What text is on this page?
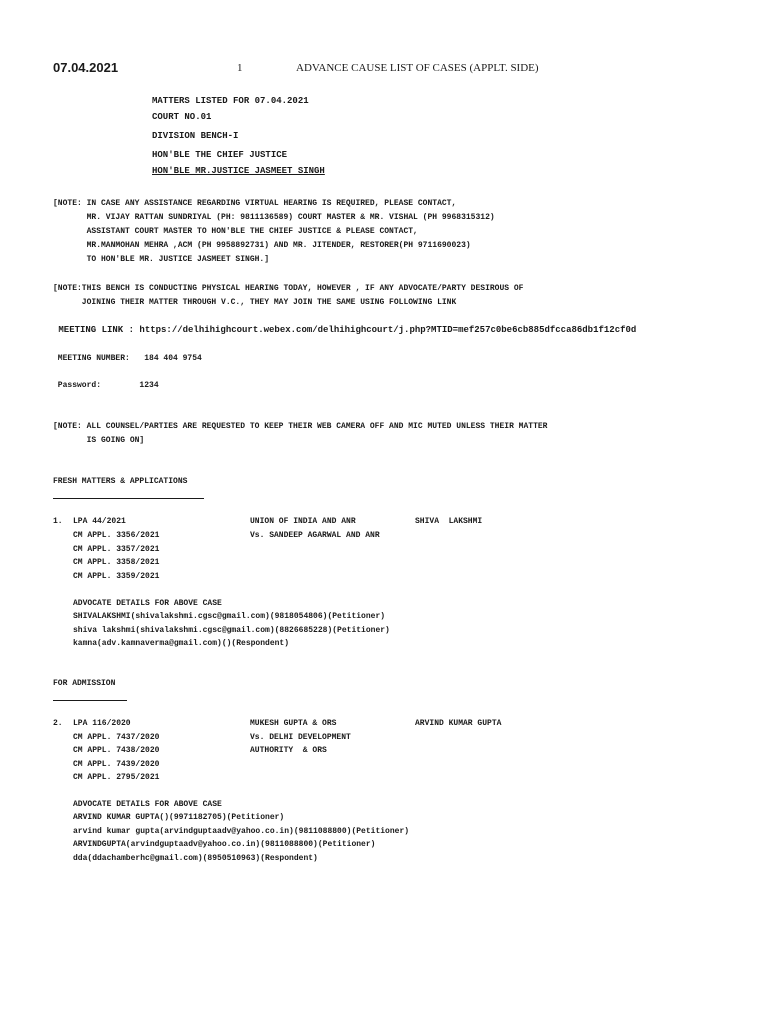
07.04.2021	1	ADVANCE CAUSE LIST OF CASES (APPLT. SIDE)
MATTERS LISTED FOR 07.04.2021
COURT NO.01
DIVISION BENCH-I
HON'BLE THE CHIEF JUSTICE
HON'BLE MR.JUSTICE JASMEET SINGH
[NOTE: IN CASE ANY ASSISTANCE REGARDING VIRTUAL HEARING IS REQUIRED, PLEASE CONTACT,
MR. VIJAY RATTAN SUNDRIYAL (PH: 9811136589) COURT MASTER & MR. VISHAL (PH 9968315312)
ASSISTANT COURT MASTER TO HON'BLE THE CHIEF JUSTICE & PLEASE CONTACT,
MR.MANMOHAN MEHRA ,ACM (PH 9958892731) AND MR. JITENDER, RESTORER(PH 9711690023)
TO HON'BLE MR. JUSTICE JASMEET SINGH.]
[NOTE:THIS BENCH IS CONDUCTING PHYSICAL HEARING TODAY, HOWEVER , IF ANY ADVOCATE/PARTY DESIROUS OF
JOINING THEIR MATTER THROUGH V.C., THEY MAY JOIN THE SAME USING FOLLOWING LINK
MEETING LINK : https://delhihighcourt.webex.com/delhihighcourt/j.php?MTID=mef257c0be6cb885dfcca86db1f12cf0d
MEETING NUMBER:   184 404 9754
Password:        1234
[NOTE: ALL COUNSEL/PARTIES ARE REQUESTED TO KEEP THEIR WEB CAMERA OFF AND MIC MUTED UNLESS THEIR MATTER
IS GOING ON]
FRESH MATTERS & APPLICATIONS
1. LPA 44/2021	UNION OF INDIA AND ANR	SHIVA  LAKSHMI
CM APPL. 3356/2021	Vs. SANDEEP AGARWAL AND ANR
CM APPL. 3357/2021
CM APPL. 3358/2021
CM APPL. 3359/2021
ADVOCATE DETAILS FOR ABOVE CASE
SHIVALAKSHMI(shivalakshmi.cgsc@gmail.com)(9818054806)(Petitioner)
shiva lakshmi(shivalakshmi.cgsc@gmail.com)(8826685228)(Petitioner)
kamna(adv.kamnaverma@gmail.com)()(Respondent)
FOR ADMISSION
2. LPA 116/2020	MUKESH GUPTA & ORS	ARVIND KUMAR GUPTA
CM APPL. 7437/2020	Vs. DELHI DEVELOPMENT
CM APPL. 7438/2020	AUTHORITY  & ORS
CM APPL. 7439/2020
CM APPL. 2795/2021
ADVOCATE DETAILS FOR ABOVE CASE
ARVIND KUMAR GUPTA()(9971182705)(Petitioner)
arvind kumar gupta(arvindguptaadv@yahoo.co.in)(9811088800)(Petitioner)
ARVINDGUPTA(arvindguptaadv@yahoo.co.in)(9811088800)(Petitioner)
dda(ddachamberhc@gmail.com)(8950510963)(Respondent)
